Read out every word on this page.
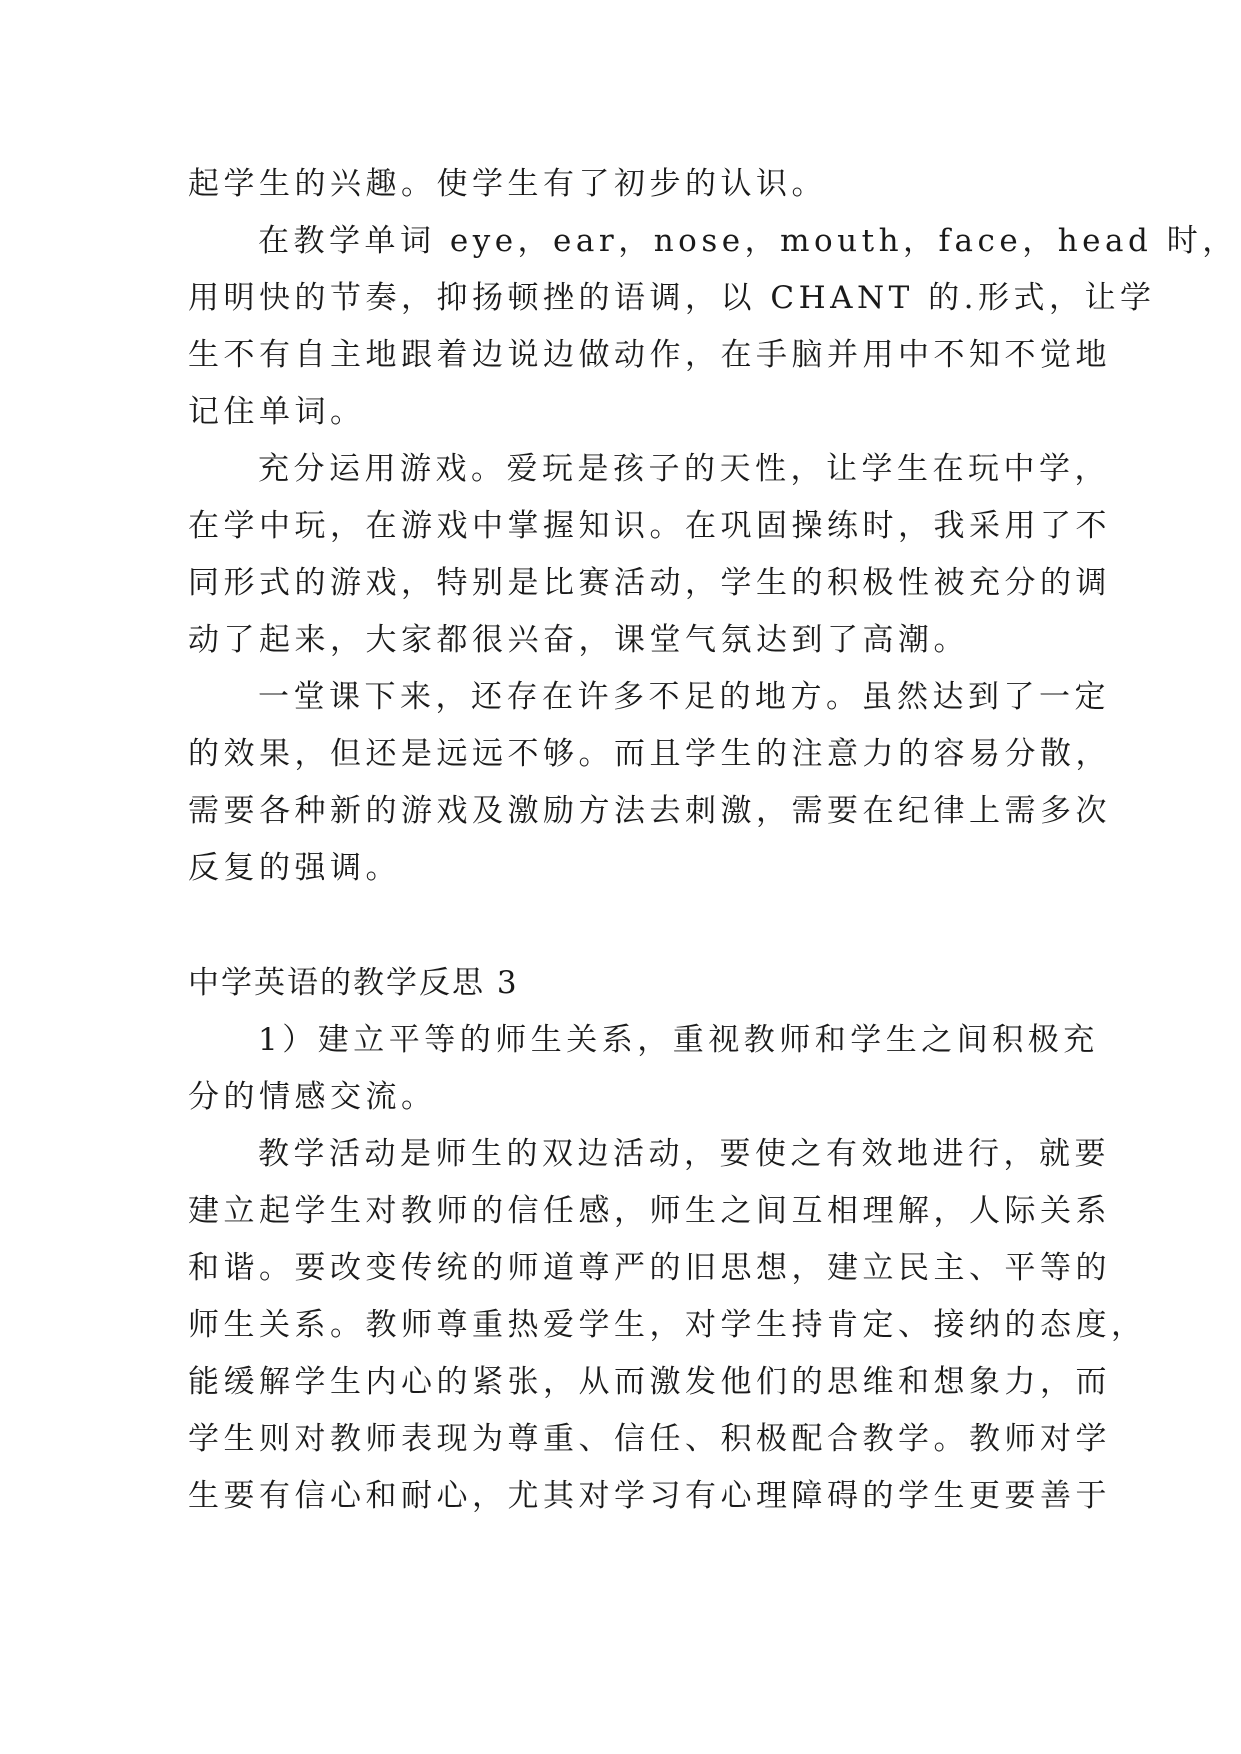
起学生的兴趣。使学生有了初步的认识。
在教学单词 eye，ear，nose，mouth，face，head 时，
用明快的节奏，抑扬顿挫的语调，以 CHANT 的.形式，让学
生不有自主地跟着边说边做动作，在手脑并用中不知不觉地
记住单词。
充分运用游戏。爱玩是孩子的天性，让学生在玩中学，
在学中玩，在游戏中掌握知识。在巩固操练时，我采用了不
同形式的游戏，特别是比赛活动，学生的积极性被充分的调
动了起来，大家都很兴奋，课堂气氛达到了高潮。
一堂课下来，还存在许多不足的地方。虽然达到了一定
的效果，但还是远远不够。而且学生的注意力的容易分散，
需要各种新的游戏及激励方法去刺激，需要在纪律上需多次
反复的强调。
中学英语的教学反思 3
1）建立平等的师生关系，重视教师和学生之间积极充
分的情感交流。
教学活动是师生的双边活动，要使之有效地进行，就要
建立起学生对教师的信任感，师生之间互相理解，人际关系
和谐。要改变传统的师道尊严的旧思想，建立民主、平等的
师生关系。教师尊重热爱学生，对学生持肯定、接纳的态度，
能缓解学生内心的紧张，从而激发他们的思维和想象力，而
学生则对教师表现为尊重、信任、积极配合教学。教师对学
生要有信心和耐心，尤其对学习有心理障碍的学生更要善于
